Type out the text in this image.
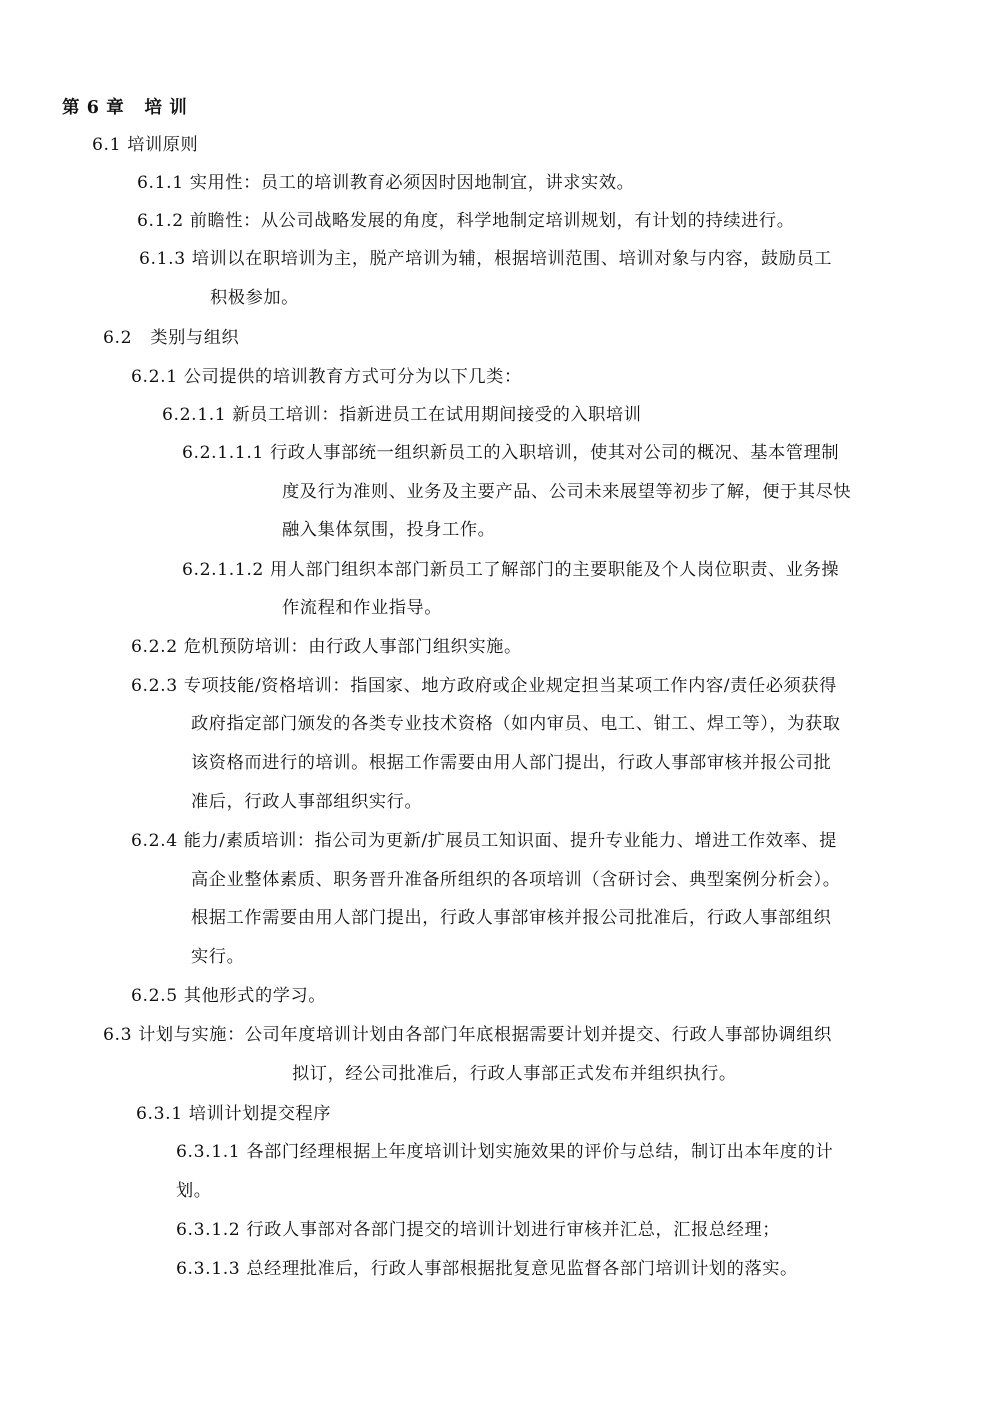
第 6 章 培 训
6.1 培训原则
6.1.1 实用性：员工的培训教育必须因时因地制宜，讲求实效。
6.1.2 前瞻性：从公司战略发展的角度，科学地制定培训规划，有计划的持续进行。
6.1.3 培训以在职培训为主，脱产培训为辅，根据培训范围、培训对象与内容，鼓励员工
积极参加。
6.2 类别与组织
6.2.1 公司提供的培训教育方式可分为以下几类：
6.2.1.1 新员工培训：指新进员工在试用期间接受的入职培训
6.2.1.1.1 行政人事部统一组织新员工的入职培训，使其对公司的概况、基本管理制
度及行为准则、业务及主要产品、公司未来展望等初步了解，便于其尽快
融入集体氛围，投身工作。
6.2.1.1.2 用人部门组织本部门新员工了解部门的主要职能及个人岗位职责、业务操
作流程和作业指导。
6.2.2 危机预防培训：由行政人事部门组织实施。
6.2.3 专项技能/资格培训：指国家、地方政府或企业规定担当某项工作内容/责任必须获得
政府指定部门颁发的各类专业技术资格（如内审员、电工、钳工、焊工等），为获取
该资格而进行的培训。根据工作需要由用人部门提出，行政人事部审核并报公司批
准后，行政人事部组织实行。
6.2.4 能力/素质培训：指公司为更新/扩展员工知识面、提升专业能力、增进工作效率、提
高企业整体素质、职务晋升准备所组织的各项培训（含研讨会、典型案例分析会）。
根据工作需要由用人部门提出，行政人事部审核并报公司批准后，行政人事部组织
实行。
6.2.5 其他形式的学习。
6.3 计划与实施：公司年度培训计划由各部门年底根据需要计划并提交、行政人事部协调组织
拟订，经公司批准后，行政人事部正式发布并组织执行。
6.3.1 培训计划提交程序
6.3.1.1 各部门经理根据上年度培训计划实施效果的评价与总结，制订出本年度的计
划。
6.3.1.2 行政人事部对各部门提交的培训计划进行审核并汇总，汇报总经理；
6.3.1.3 总经理批准后，行政人事部根据批复意见监督各部门培训计划的落实。
